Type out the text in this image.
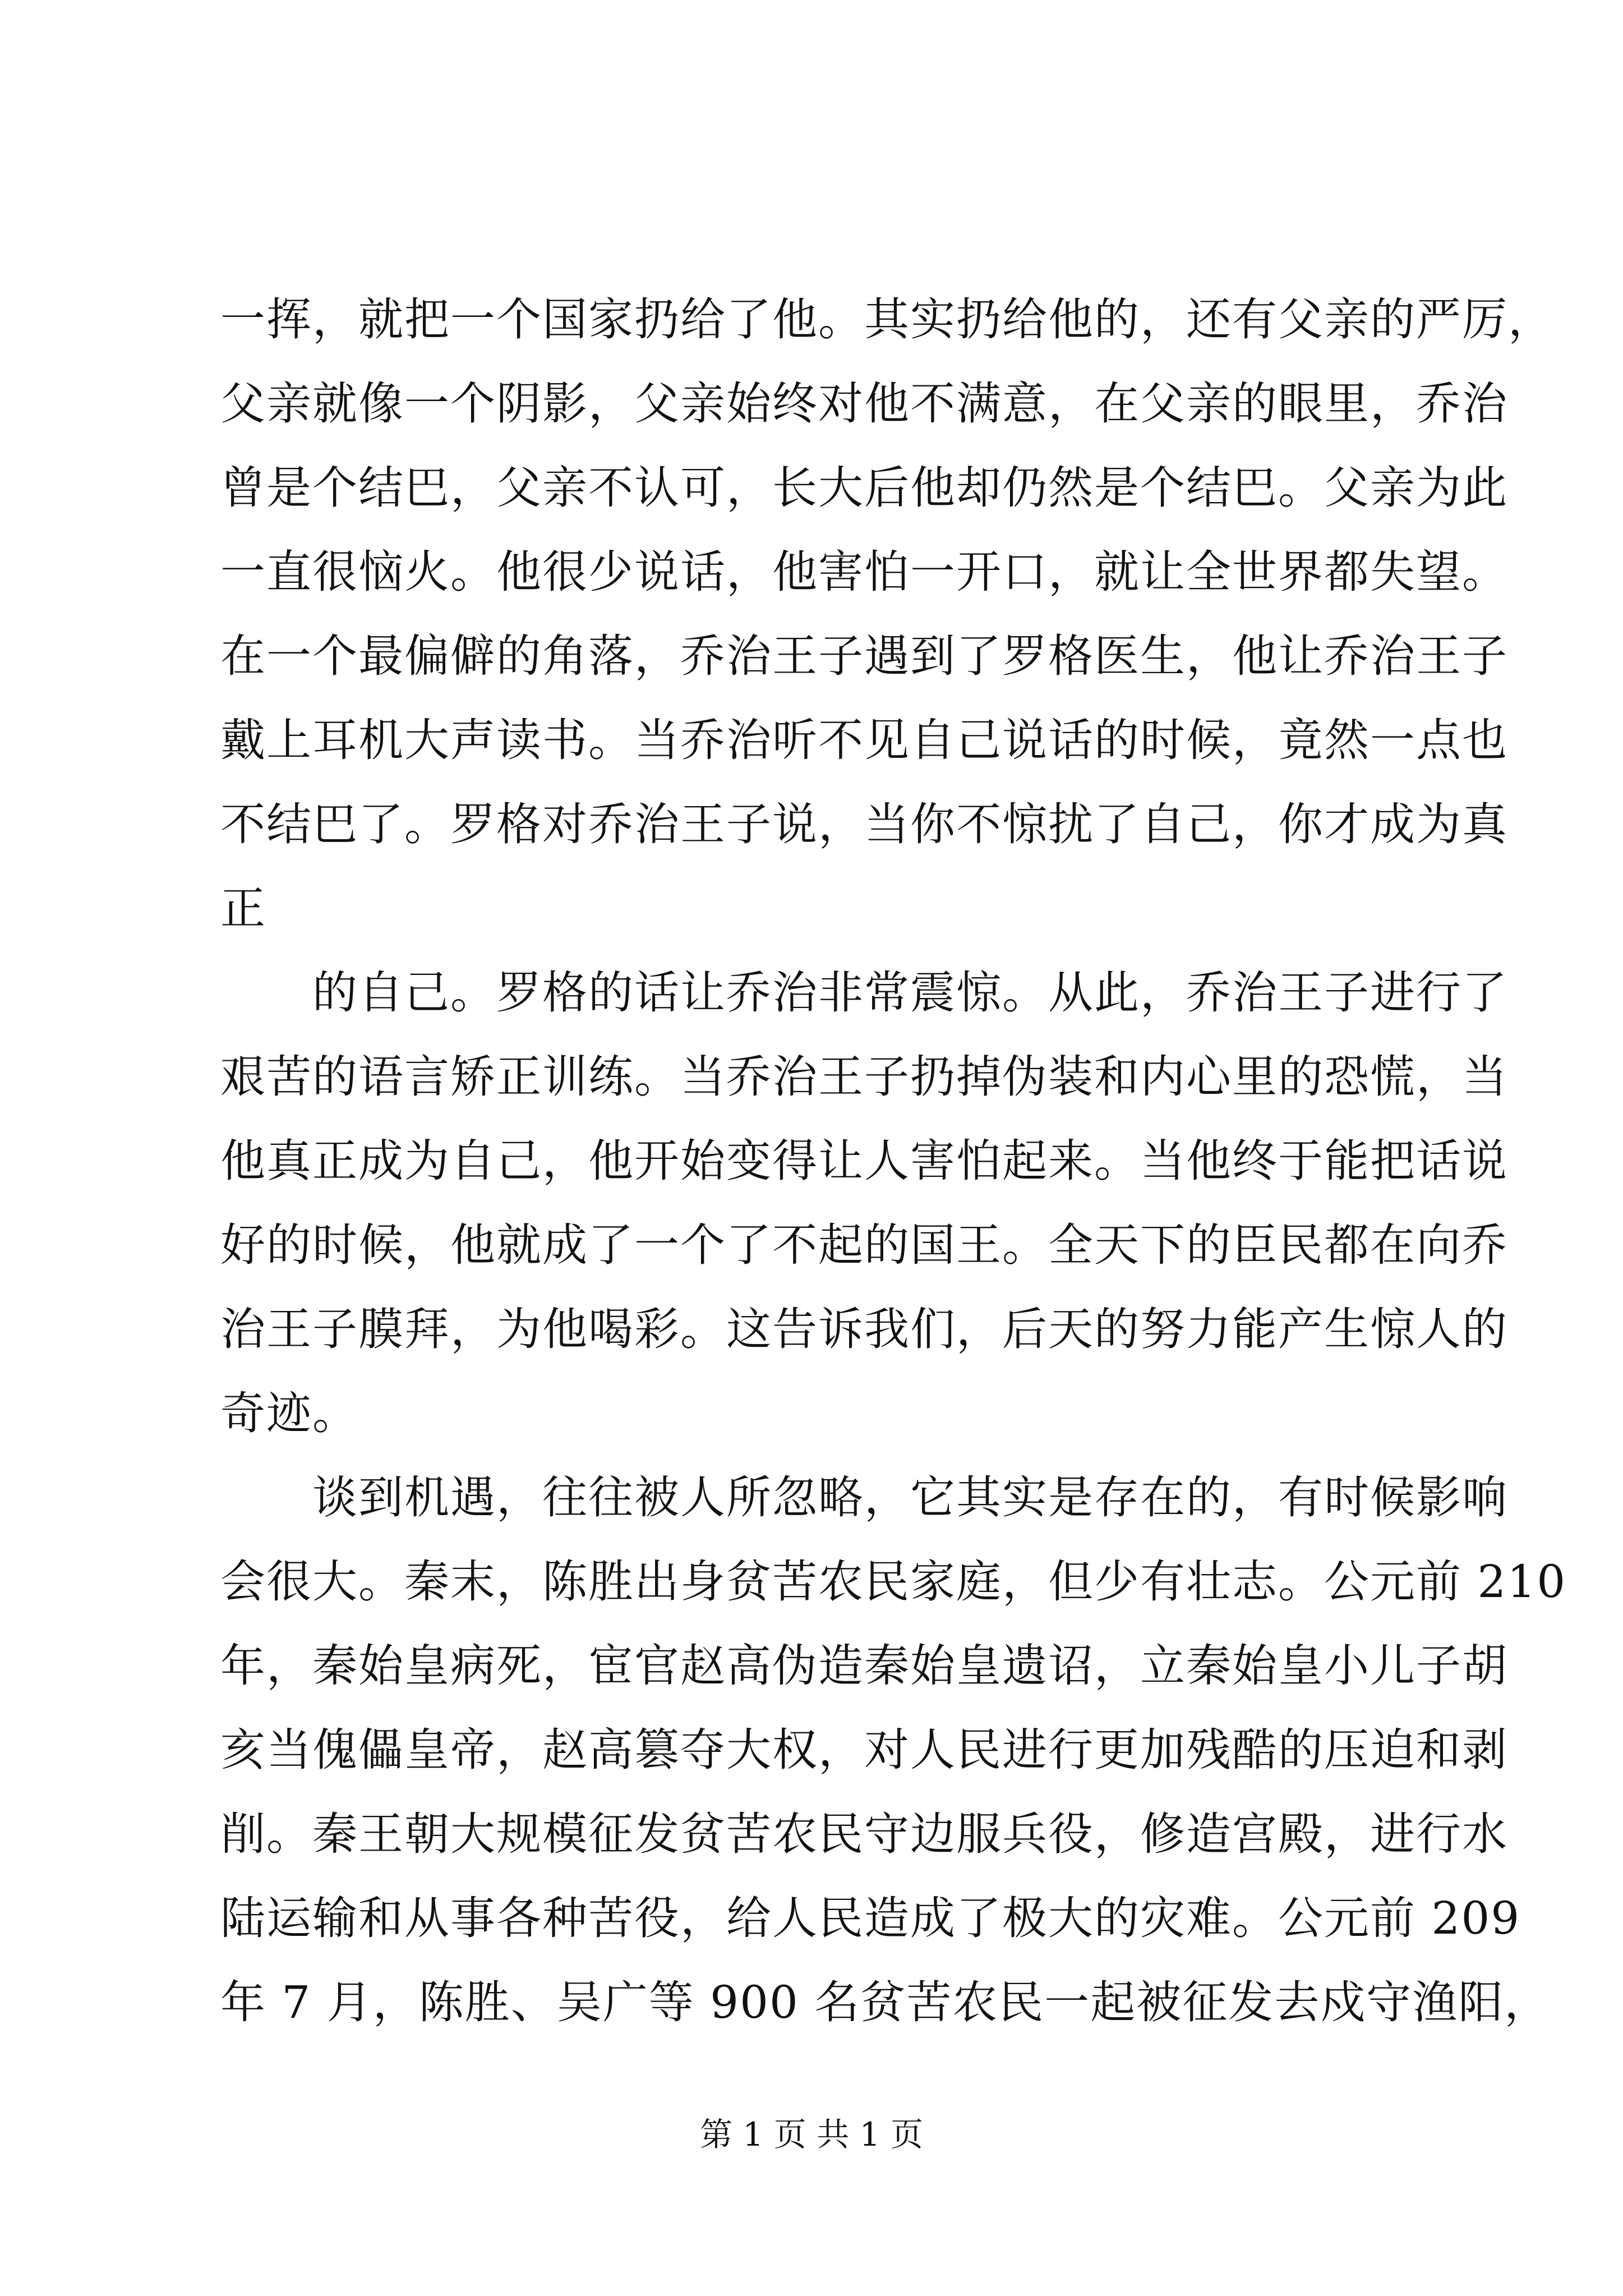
一挥，就把一个国家扔给了他。其实扔给他的，还有父亲的严厉，
父亲就像一个阴影，父亲始终对他不满意，在父亲的眼里，乔治
曾是个结巴，父亲不认可，长大后他却仍然是个结巴。父亲为此
一直很恼火。他很少说话，他害怕一开口，就让全世界都失望。
在一个最偏僻的角落，乔治王子遇到了罗格医生，他让乔治王子
戴上耳机大声读书。当乔治听不见自己说话的时候，竟然一点也
不结巴了。罗格对乔治王子说，当你不惊扰了自己，你才成为真
正
　　的自己。罗格的话让乔治非常震惊。从此，乔治王子进行了
艰苦的语言矫正训练。当乔治王子扔掉伪装和内心里的恐慌，当
他真正成为自己，他开始变得让人害怕起来。当他终于能把话说
好的时候，他就成了一个了不起的国王。全天下的臣民都在向乔
治王子膜拜，为他喝彩。这告诉我们，后天的努力能产生惊人的
奇迹。
　　谈到机遇，往往被人所忽略，它其实是存在的，有时候影响
会很大。秦末，陈胜出身贫苦农民家庭，但少有壮志。公元前 210
年，秦始皇病死，宦官赵高伪造秦始皇遗诏，立秦始皇小儿子胡
亥当傀儡皇帝，赵高篡夺大权，对人民进行更加残酷的压迫和剥
削。秦王朝大规模征发贫苦农民守边服兵役，修造宫殿，进行水
陆运输和从事各种苦役，给人民造成了极大的灾难。公元前 209
年 7 月，陈胜、吴广等 900 名贫苦农民一起被征发去戍守渔阳，
第 1 页 共 1 页
